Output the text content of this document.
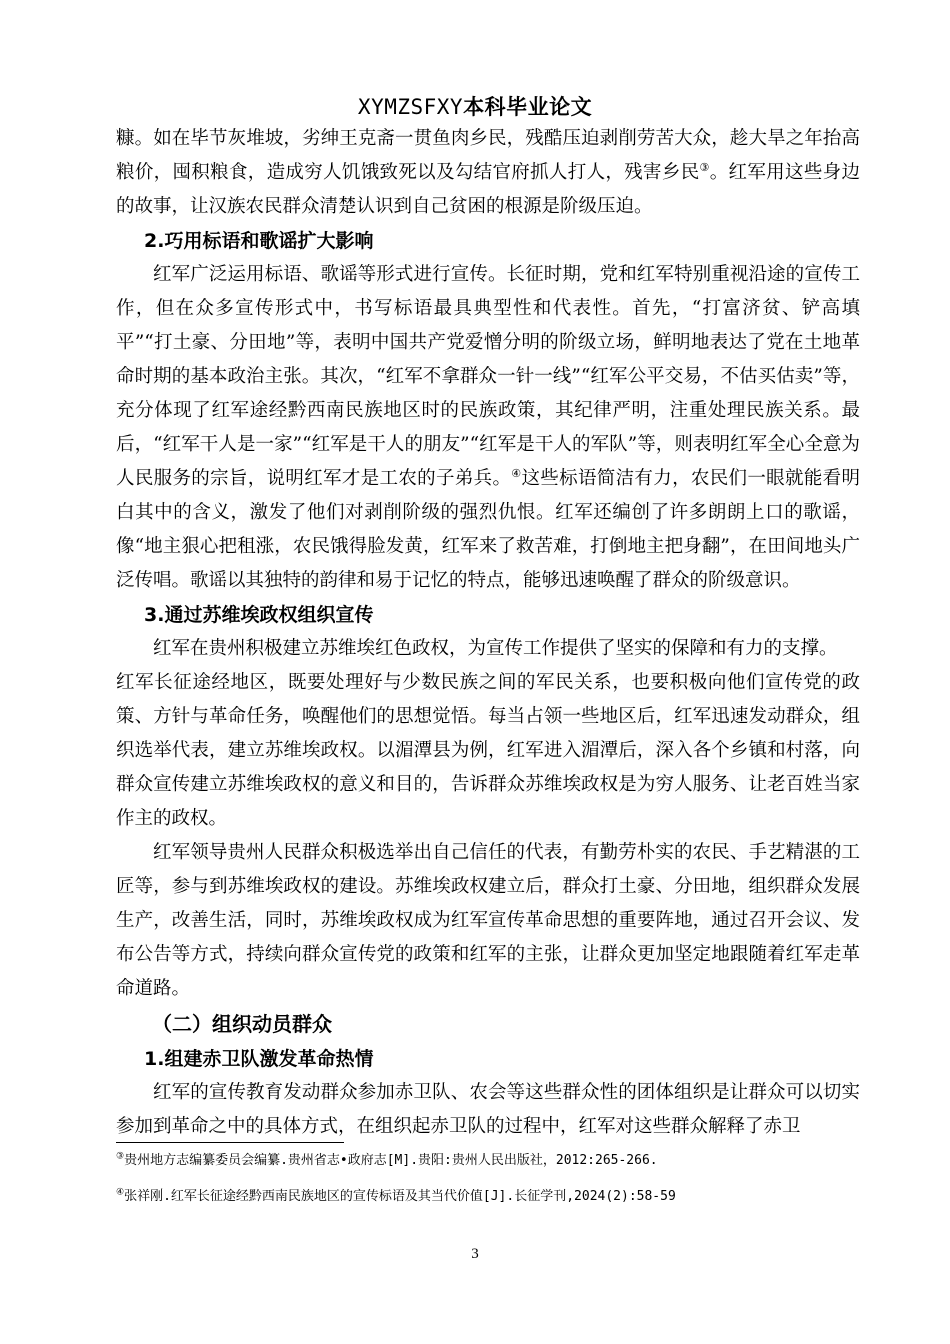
XYMZSFXY本科毕业论文

糠。如在毕节灰堆坡，劣绅王克斋一贯鱼肉乡民，残酷压迫剥削劳苦大众，趁大旱之年抬高粮价，囤积粮食，造成穷人饥饿致死以及勾结官府抓人打人，残害乡民③。红军用这些身边的故事，让汉族农民群众清楚认识到自己贫困的根源是阶级压迫。

2.巧用标语和歌谣扩大影响

红军广泛运用标语、歌谣等形式进行宣传。长征时期，党和红军特别重视沿途的宣传工作，但在众多宣传形式中，书写标语最具典型性和代表性。首先，“打富济贫、铲高填平”“打土豪、分田地”等，表明中国共产党爱憎分明的阶级立场，鲜明地表达了党在土地革命时期的基本政治主张。其次，“红军不拿群众一针一线”“红军公平交易，不估买估卖”等，充分体现了红军途经黔西南民族地区时的民族政策，其纪律严明，注重处理民族关系。最后，“红军干人是一家”“红军是干人的朋友”“红军是干人的军队”等，则表明红军全心全意为人民服务的宗旨，说明红军才是工农的子弟兵。④这些标语简洁有力，农民们一眼就能看明白其中的含义，激发了他们对剥削阶级的强烈仇恨。红军还编创了许多朗朗上口的歌谣，像“地主狠心把租涨，农民饿得脸发黄，红军来了救苦难，打倒地主把身翻”，在田间地头广泛传唱。歌谣以其独特的韵律和易于记忆的特点，能够迅速唤醒了群众的阶级意识。

3.通过苏维埃政权组织宣传

红军在贵州积极建立苏维埃红色政权，为宣传工作提供了坚实的保障和有力的支撑。

红军长征途经地区，既要处理好与少数民族之间的军民关系，也要积极向他们宣传党的政策、方针与革命任务，唤醒他们的思想觉悟。每当占领一些地区后，红军迅速发动群众，组织选举代表，建立苏维埃政权。以湄潭县为例，红军进入湄潭后，深入各个乡镇和村落，向群众宣传建立苏维埃政权的意义和目的，告诉群众苏维埃政权是为穷人服务、让老百姓当家作主的政权。

红军领导贵州人民群众积极选举出自己信任的代表，有勤劳朴实的农民、手艺精湛的工匠等，参与到苏维埃政权的建设。苏维埃政权建立后，群众打土豪、分田地，组织群众发展生产，改善生活，同时，苏维埃政权成为红军宣传革命思想的重要阵地，通过召开会议、发布公告等方式，持续向群众宣传党的政策和红军的主张，让群众更加坚定地跟随着红军走革命道路。

（二）组织动员群众
1.组建赤卫队激发革命热情

红军的宣传教育发动群众参加赤卫队、农会等这些群众性的团体组织是让群众可以切实参加到革命之中的具体方式，在组织起赤卫队的过程中，红军对这些群众解释了赤卫

③贵州地方志编纂委员会编纂.贵州省志•政府志[M].贵阳:贵州人民出版社，2012:265-266.
④张祥刚.红军长征途经黔西南民族地区的宣传标语及其当代价值[J].长征学刊,2024(2):58-59
3
